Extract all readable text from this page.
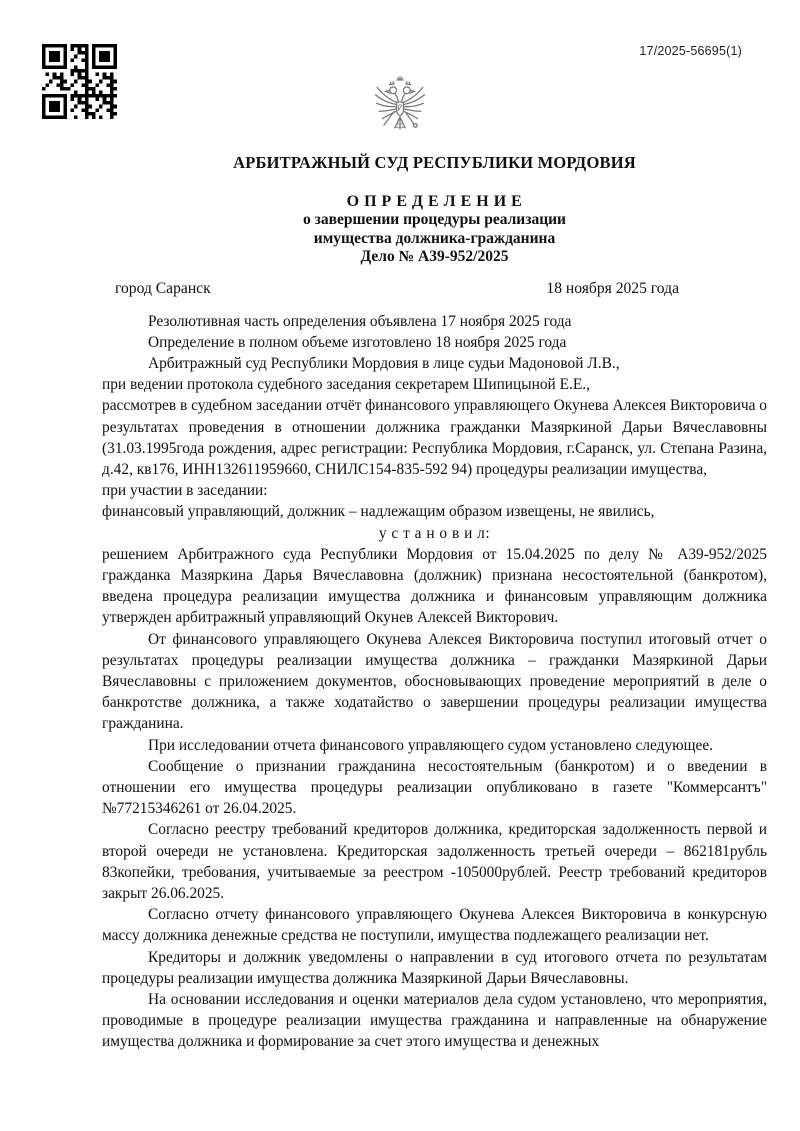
17/2025-56695(1)

АРБИТРАЖНЫЙ СУД РЕСПУБЛИКИ МОРДОВИЯ

О П Р Е Д Е Л Е Н И Е

о завершении процедуры реализации

имущества должника-гражданина

Дело № А39-952/2025

город Саранск	18 ноября 2025 года

Резолютивная часть определения объявлена 17 ноября 2025 года

Определение в полном объеме изготовлено 18 ноября 2025 года

Арбитражный суд Республики Мордовия в лице судьи Мадоновой Л.В.,

при ведении протокола судебного заседания секретарем Шипицыной Е.Е.,

рассмотрев в судебном заседании отчёт финансового управляющего Окунева Алексея Викторовича о результатах проведения в отношении должника гражданки Мазяркиной Дарьи Вячеславовны (31.03.1995года рождения, адрес регистрации: Республика Мордовия, г.Саранск, ул. Степана Разина, д.42, кв176, ИНН132611959660, СНИЛС154-835-592 94) процедуры реализации имущества,

при участии в заседании:

финансовый управляющий, должник – надлежащим образом извещены, не явились,

у с т а н о в и л:

решением Арбитражного суда Республики Мордовия от 15.04.2025 по делу № А39-952/2025 гражданка Мазяркина Дарья Вячеславовна (должник) признана несостоятельной (банкротом), введена процедура реализации имущества должника и финансовым управляющим должника утвержден арбитражный управляющий Окунев Алексей Викторович.

От финансового управляющего Окунева Алексея Викторовича поступил итоговый отчет о результатах процедуры реализации имущества должника – гражданки Мазяркиной Дарьи Вячеславовны с приложением документов, обосновывающих проведение мероприятий в деле о банкротстве должника, а также ходатайство о завершении процедуры реализации имущества гражданина.

При исследовании отчета финансового управляющего судом установлено следующее.

Сообщение о признании гражданина несостоятельным (банкротом) и о введении в отношении его имущества процедуры реализации опубликовано в газете "Коммерсантъ" №77215346261 от 26.04.2025.

Согласно реестру требований кредиторов должника, кредиторская задолженность первой и второй очереди не установлена. Кредиторская задолженность третьей очереди – 862181рубль 83копейки, требования, учитываемые за реестром -105000рублей. Реестр требований кредиторов закрыт 26.06.2025.

Согласно отчету финансового управляющего Окунева Алексея Викторовича в конкурсную массу должника денежные средства не поступили, имущества подлежащего реализации нет.

Кредиторы и должник уведомлены о направлении в суд итогового отчета по результатам процедуры реализации имущества должника Мазяркиной Дарьи Вячеславовны.

На основании исследования и оценки материалов дела судом установлено, что мероприятия, проводимые в процедуре реализации имущества гражданина и направленные на обнаружение имущества должника и формирование за счет этого имущества и денежных
